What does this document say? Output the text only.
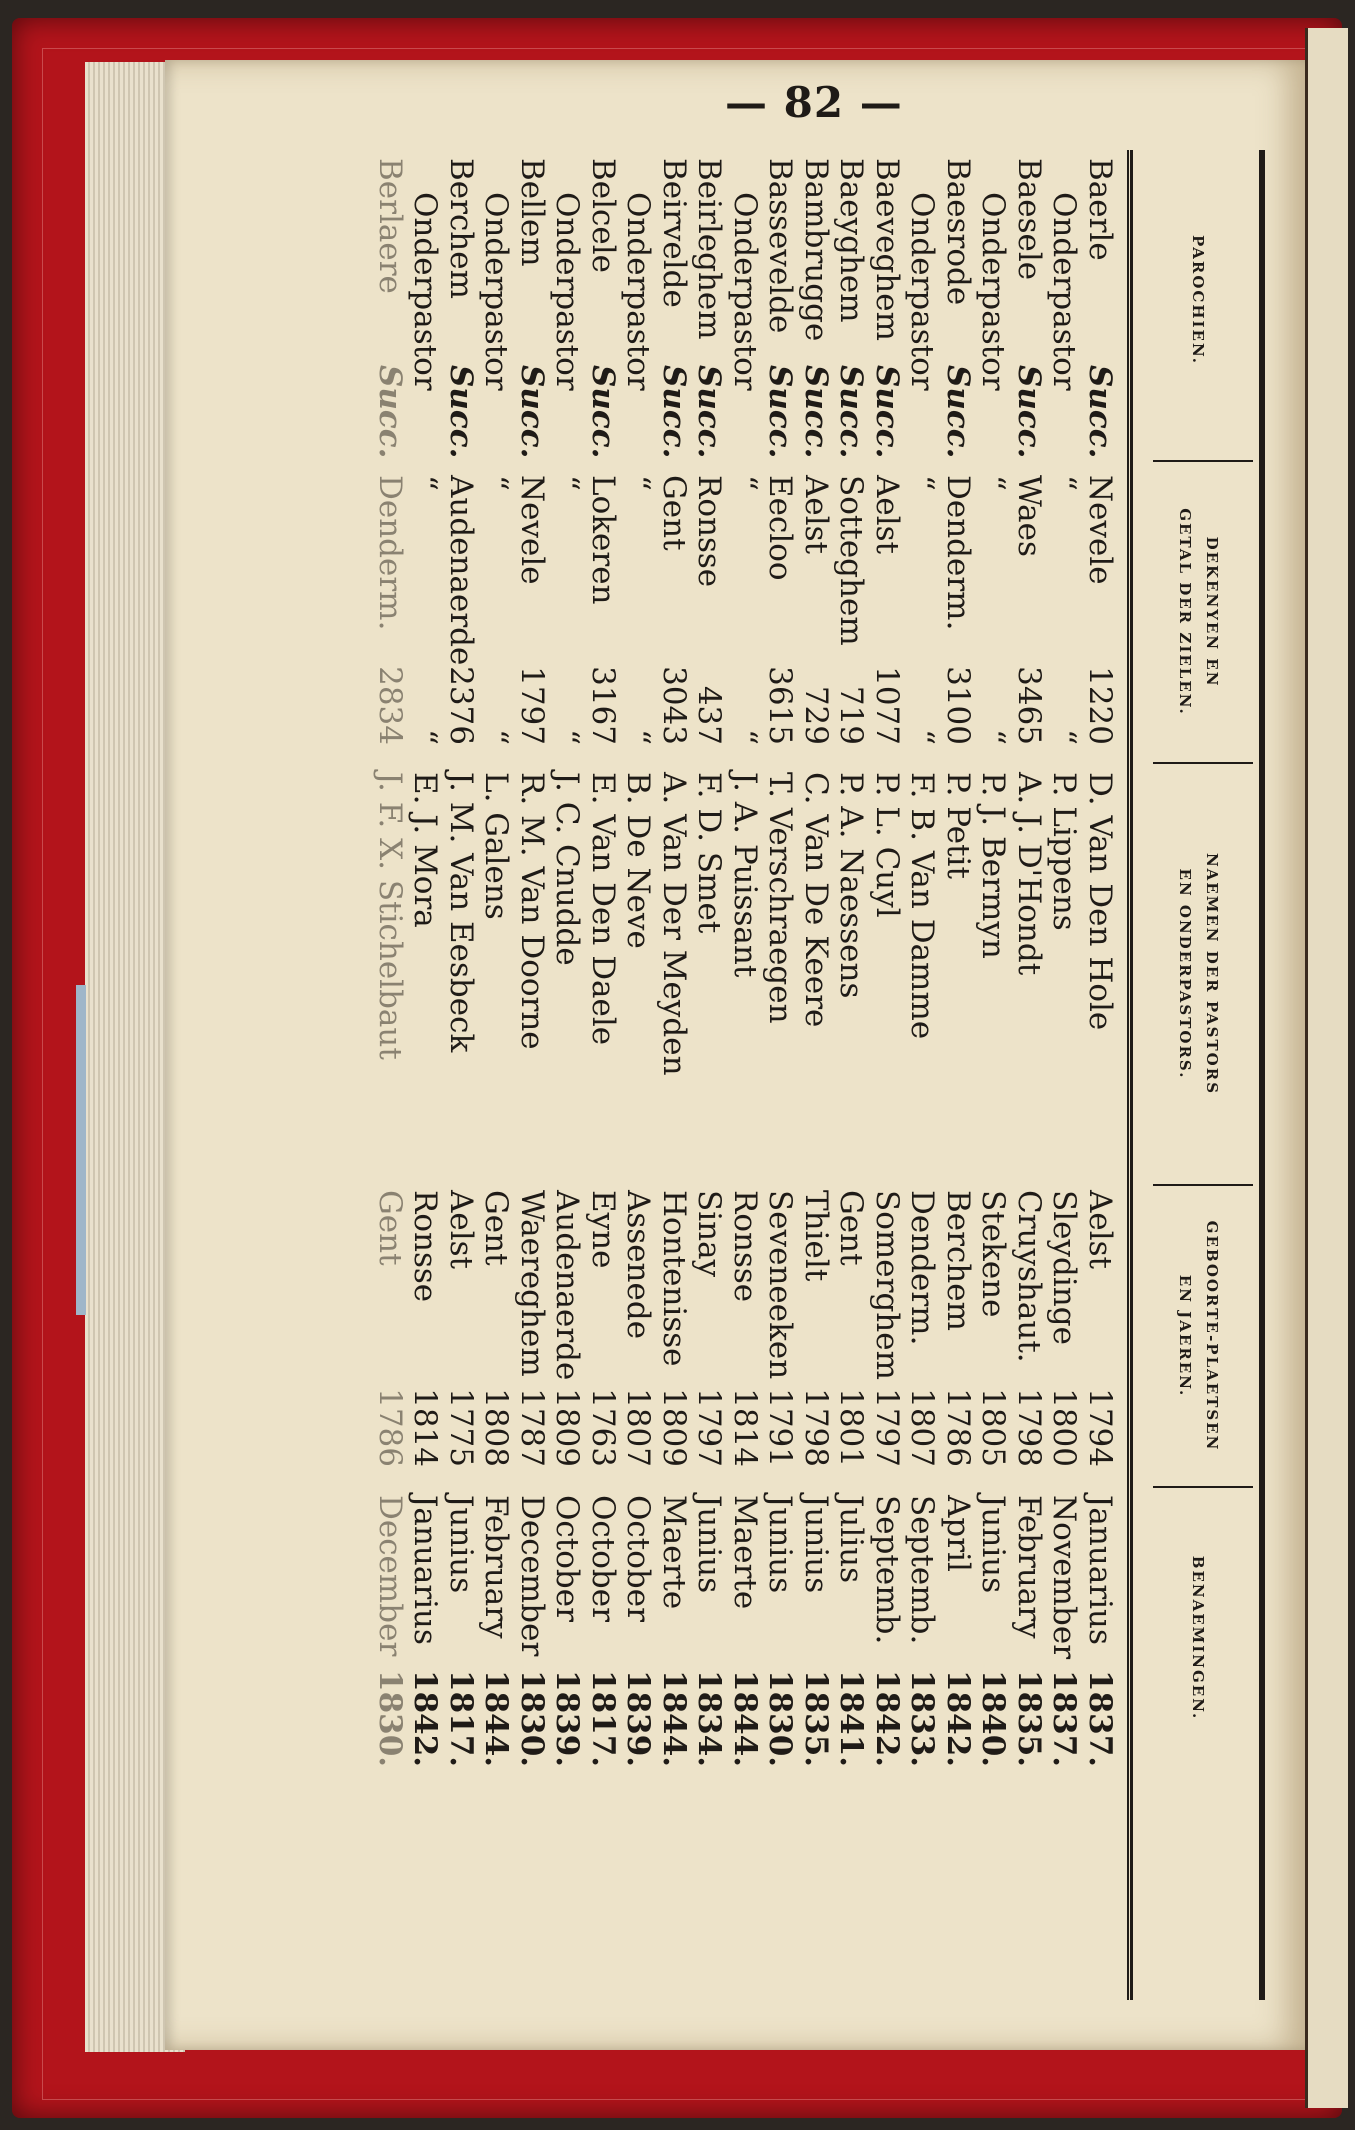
— 82 —
PAROCHIEN.
DEKENYEN EN
GETAL DER ZIELEN.
NAEMEN DER PASTORS
EN ONDERPASTORS.
GEBOORTE-PLAETSEN
EN JAEREN.
BENAEMINGEN.
Baerle
Succ.
Nevele
1220
D. Van Den Hole
Aelst
1794
Januarius
1837.
Onderpastor
“
“
P. Lippens
Sleydinge
1800
November
1837.
Baesele
Succ.
Waes
3465
A. J. D'Hondt
Cruyshaut.
1798
February
1835.
Onderpastor
“
“
P. J. Bermyn
Stekene
1805
Junius
1840.
Baesrode
Succ.
Denderm.
3100
P. Petit
Berchem
1786
April
1842.
Onderpastor
“
“
F. B. Van Damme
Denderm.
1807
Septemb.
1833.
Baeveghem
Succ.
Aelst
1077
P. L. Cuyl
Somerghem
1797
Septemb.
1842.
Baeyghem
Succ.
Sotteghem
719
P. A. Naessens
Gent
1801
Julius
1841.
Bambrugge
Succ.
Aelst
729
C. Van De Keere
Thielt
1798
Junius
1835.
Bassevelde
Succ.
Eecloo
3615
T. Verschraegen
Seveneeken
1791
Junius
1830.
Onderpastor
“
“
J. A. Puissant
Ronsse
1814
Maerte
1844.
Beirleghem
Succ.
Ronsse
437
F. D. Smet
Sinay
1797
Junius
1834.
Beirvelde
Succ.
Gent
3043
A. Van Der Meyden
Hontenisse
1809
Maerte
1844.
Onderpastor
“
“
B. De Neve
Assenede
1807
October
1839.
Belcele
Succ.
Lokeren
3167
E. Van Den Daele
Eyne
1763
October
1817.
Onderpastor
“
“
J. C. Cnudde
Audenaerde
1809
October
1839.
Bellem
Succ.
Nevele
1797
R. M. Van Doorne
Waereghem
1787
December
1830.
Onderpastor
“
“
L. Galens
Gent
1808
February
1844.
Berchem
Succ.
Audenaerde
2376
J. M. Van Eesbeck
Aelst
1775
Junius
1817.
Onderpastor
“
“
E. J. Mora
Ronsse
1814
Januarius
1842.
Berlaere
Succ.
Denderm.
2834
J. F. X. Stichelbaut
Gent
1786
December
1830.
